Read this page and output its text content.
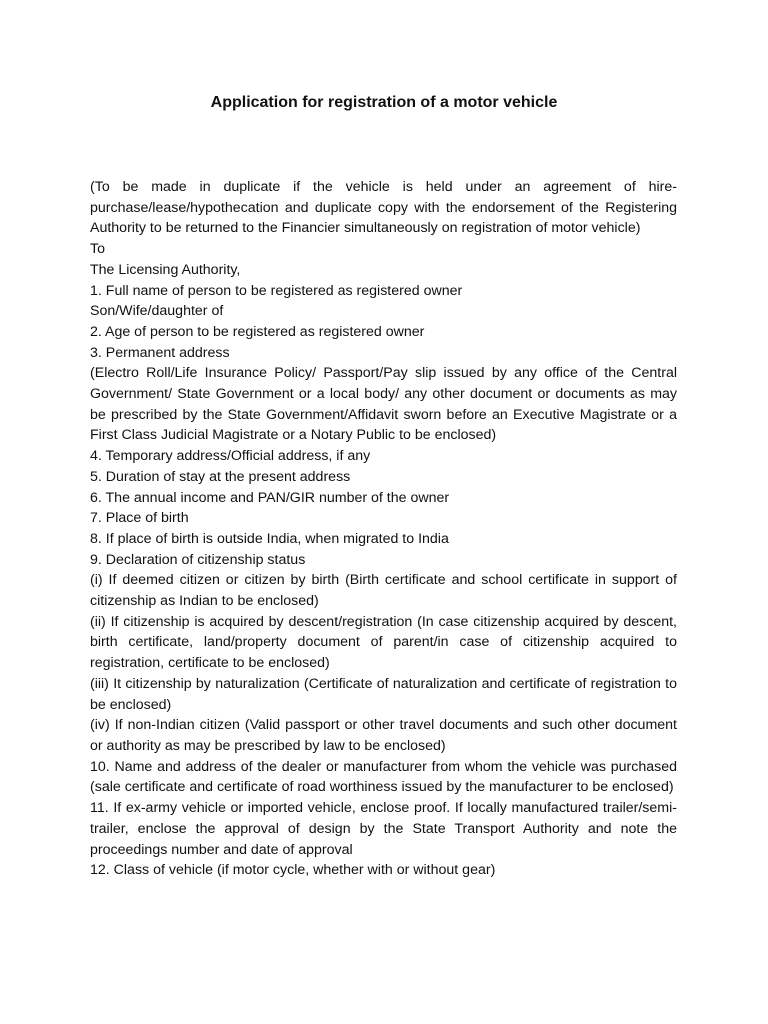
Application for registration of a motor vehicle

(To be made in duplicate if the vehicle is held under an agreement of hire-purchase/lease/hypothecation and duplicate copy with the endorsement of the Registering Authority to be returned to the Financier simultaneously on registration of motor vehicle)

To

The Licensing Authority,

1. Full name of person to be registered as registered owner

Son/Wife/daughter of

2. Age of person to be registered as registered owner

3. Permanent address

(Electro Roll/Life Insurance Policy/ Passport/Pay slip issued by any office of the Central Government/ State Government or a local body/ any other document or documents as may be prescribed by the State Government/Affidavit sworn before an Executive Magistrate or a First Class Judicial Magistrate or a Notary Public to be enclosed)

4. Temporary address/Official address, if any

5. Duration of stay at the present address

6. The annual income and PAN/GIR number of the owner

7. Place of birth

8. If place of birth is outside India, when migrated to India

9. Declaration of citizenship status

(i) If deemed citizen or citizen by birth (Birth certificate and school certificate in support of citizenship as Indian to be enclosed)

(ii) If citizenship is acquired by descent/registration (In case citizenship acquired by descent, birth certificate, land/property document of parent/in case of citizenship acquired to registration, certificate to be enclosed)

(iii) It citizenship by naturalization (Certificate of naturalization and certificate of registration to be enclosed)

(iv) If non-Indian citizen (Valid passport or other travel documents and such other document or authority as may be prescribed by law to be enclosed)

10. Name and address of the dealer or manufacturer from whom the vehicle was purchased (sale certificate and certificate of road worthiness issued by the manufacturer to be enclosed)

11. If ex-army vehicle or imported vehicle, enclose proof. If locally manufactured trailer/semi-trailer, enclose the approval of design by the State Transport Authority and note the proceedings number and date of approval

12. Class of vehicle (if motor cycle, whether with or without gear)
